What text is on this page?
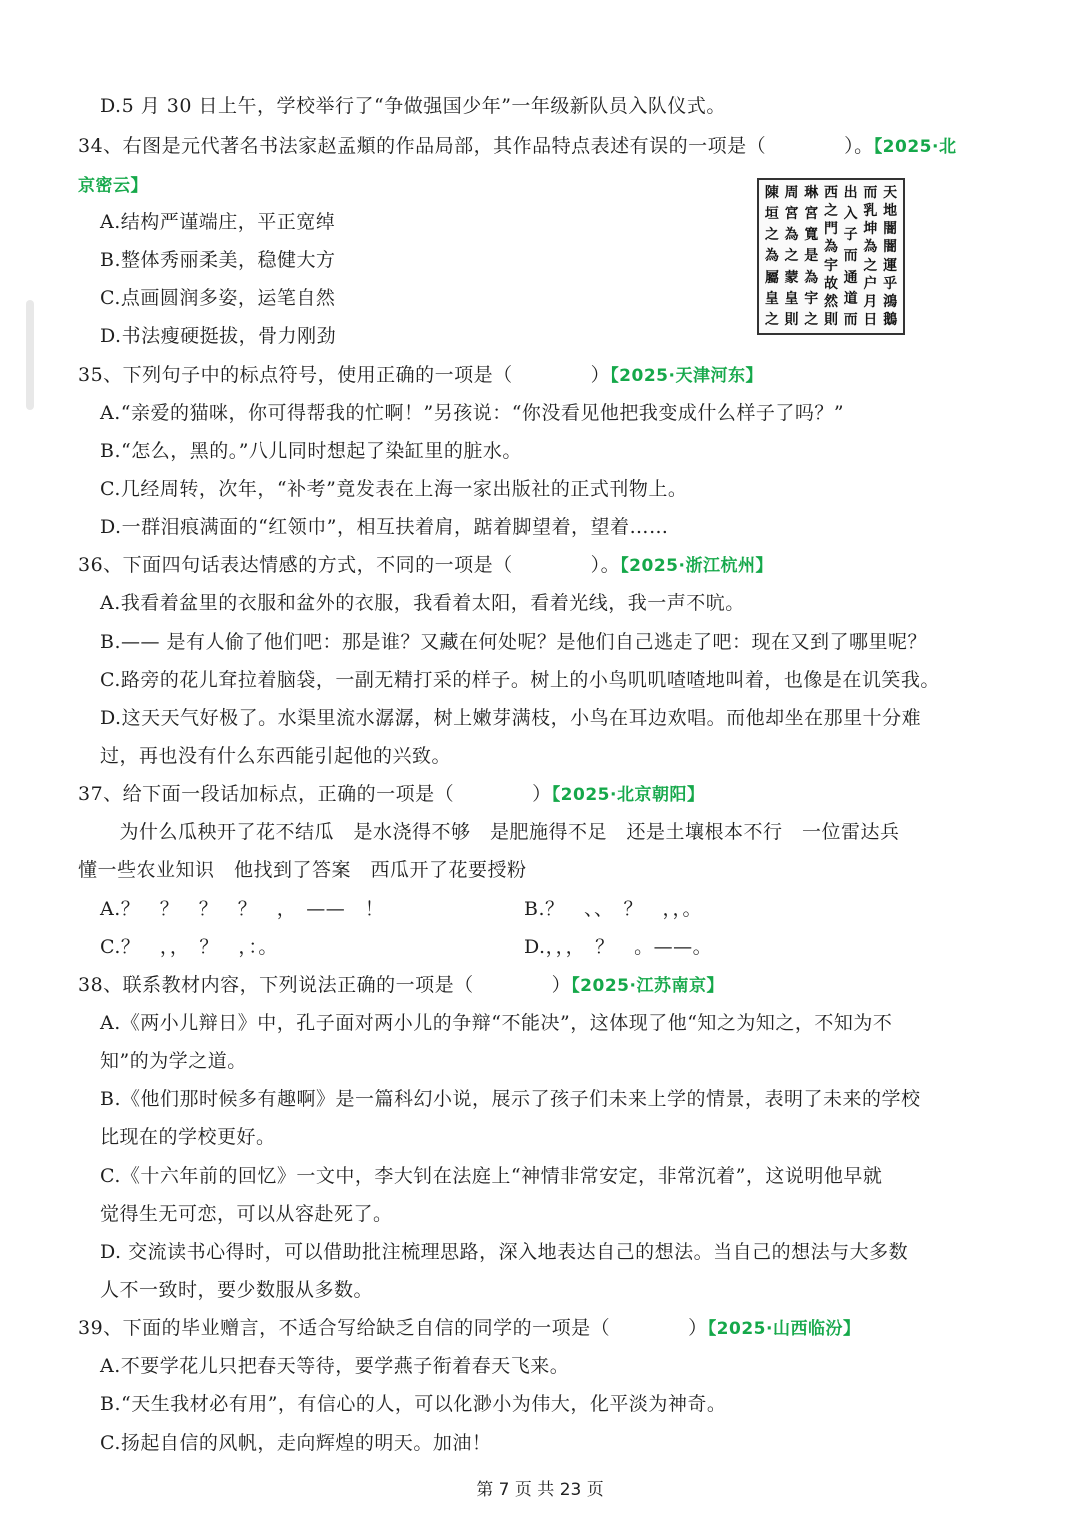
D.5 月 30 日上午，学校举行了“争做强国少年”一年级新队员入队仪式。
34、右图是元代著名书法家赵孟頫的作品局部，其作品特点表述有误的一项是（　　　　）。【2025·北
京密云】
A.结构严谨端庄，平正宽绰
B.整体秀丽柔美，稳健大方
C.点画圆润多姿，运笔自然
D.书法瘦硬挺拔，骨力刚劲
35、下列句子中的标点符号，使用正确的一项是（　　　　）【2025·天津河东】
A.“亲爱的猫咪，你可得帮我的忙啊！”另孩说：“你没看见他把我变成什么样子了吗？”
B.“怎么，黑的。”八儿同时想起了染缸里的脏水。
C.几经周转，次年，“补考”竟发表在上海一家出版社的正式刊物上。
D.一群泪痕满面的“红领巾”，相互扶着肩，踮着脚望着，望着……
36、下面四句话表达情感的方式，不同的一项是（　　　　）。【2025·浙江杭州】
A.我看着盆里的衣服和盆外的衣服，我看着太阳，看着光线，我一声不吭。
B.—— 是有人偷了他们吧：那是谁？又藏在何处呢？是他们自己逃走了吧：现在又到了哪里呢？
C.路旁的花儿耷拉着脑袋，一副无精打采的样子。树上的小鸟叽叽喳喳地叫着，也像是在讥笑我。
D.这天天气好极了。水渠里流水潺潺，树上嫩芽满枝，小鸟在耳边欢唱。而他却坐在那里十分难
过，再也没有什么东西能引起他的兴致。
37、给下面一段话加标点，正确的一项是（　　　　）【2025·北京朝阳】
　为什么瓜秧开了花不结瓜　是水浇得不够　是肥施得不足　还是土壤根本不行　一位雷达兵
懂一些农业知识　他找到了答案　西瓜开了花要授粉
A.？　？　？　？　，　——　！	B.？　、、　？　，，。
C.？　，，　？　，：。	D.，，，　？　。——。
38、联系教材内容，下列说法正确的一项是（　　　　）【2025·江苏南京】
A.《两小儿辩日》中，孔子面对两小儿的争辩“不能决”，这体现了他“知之为知之，不知为不
知”的为学之道。
B.《他们那时候多有趣啊》是一篇科幻小说，展示了孩子们未来上学的情景，表明了未来的学校
比现在的学校更好。
C.《十六年前的回忆》一文中，李大钊在法庭上“神情非常安定，非常沉着”，这说明他早就
觉得生无可恋，可以从容赴死了。
D. 交流读书心得时，可以借助批注梳理思路，深入地表达自己的想法。当自己的想法与大多数
人不一致时，要少数服从多数。
39、下面的毕业赠言，不适合写给缺乏自信的同学的一项是（　　　　）【2025·山西临汾】
A.不要学花儿只把春天等待，要学燕子衔着春天飞来。
B.“天生我材必有用”，有信心的人，可以化渺小为伟大，化平淡为神奇。
C.扬起自信的风帆，走向辉煌的明天。加油！
天
地
闇
闇
運
乎
鴻
鵝
而
乳
坤
為
之
户
月
日
出
入
子
而
通
道
而
西
之
門
為
宇
故
然
則
琳
宮
寬
是
為
宇
之
周
宮
為
之
蒙
皇
則
陳
垣
之
為
屬
皇
之
第 7 页 共 23 页
